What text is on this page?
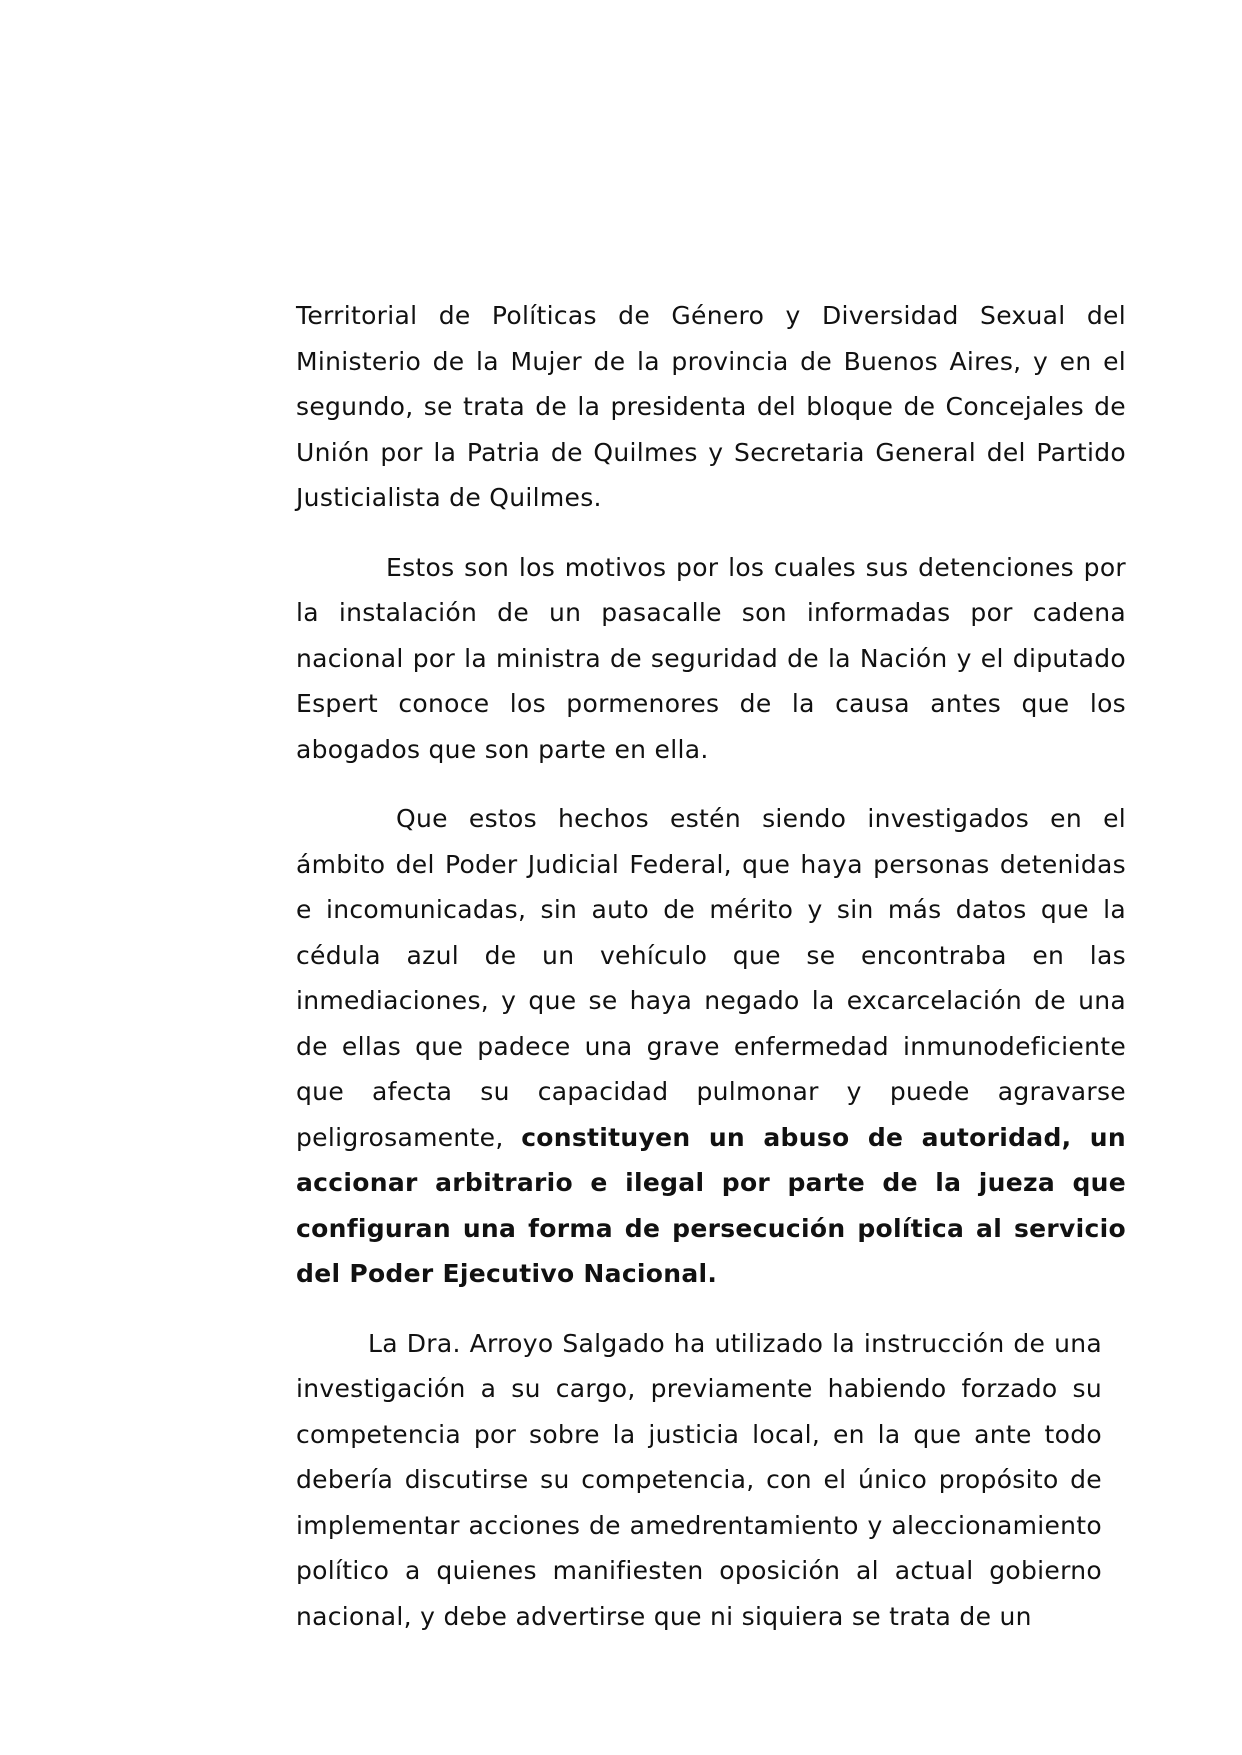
Territorial de Políticas de Género y Diversidad Sexual del Ministerio de la Mujer de la provincia de Buenos Aires, y en el segundo, se trata de la presidenta del bloque de Concejales de Unión por la Patria de Quilmes y Secretaria General del Partido Justicialista de Quilmes.

Estos son los motivos por los cuales sus detenciones por la instalación de un pasacalle son informadas por cadena nacional por la ministra de seguridad de la Nación y el diputado Espert conoce los pormenores de la causa antes que los abogados que son parte en ella.

Que estos hechos estén siendo investigados en el ámbito del Poder Judicial Federal, que haya personas detenidas e incomunicadas, sin auto de mérito y sin más datos que la cédula azul de un vehículo que se encontraba en las inmediaciones, y que se haya negado la excarcelación de una de ellas que padece una grave enfermedad inmunodeficiente que afecta su capacidad pulmonar y puede agravarse peligrosamente, constituyen un abuso de autoridad, un accionar arbitrario e ilegal por parte de la jueza que configuran una forma de persecución política al servicio del Poder Ejecutivo Nacional.

La Dra. Arroyo Salgado ha utilizado la instrucción de una investigación a su cargo, previamente habiendo forzado su competencia por sobre la justicia local, en la que ante todo debería discutirse su competencia, con el único propósito de implementar acciones de amedrentamiento y aleccionamiento político a quienes manifiesten oposición al actual gobierno nacional, y debe advertirse que ni siquiera se trata de un
